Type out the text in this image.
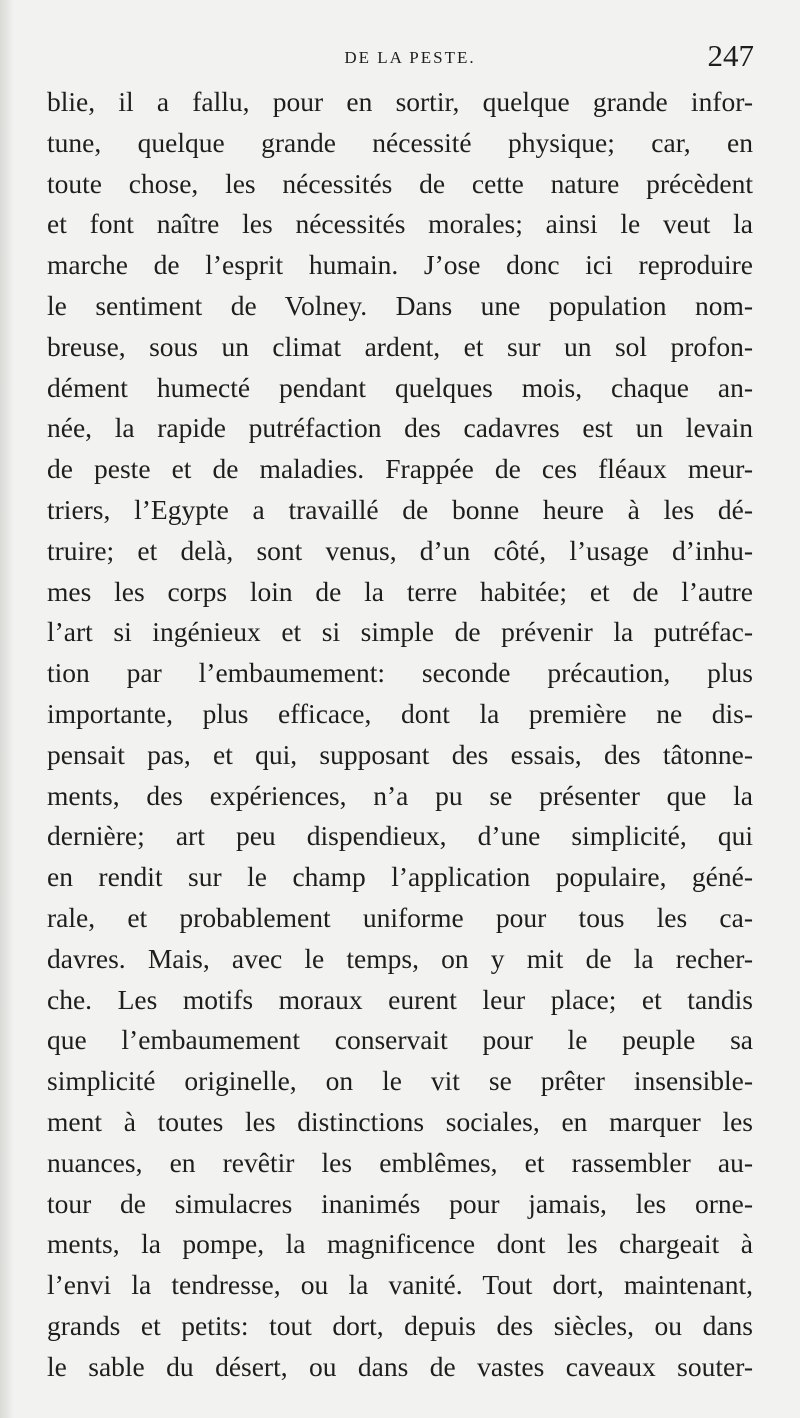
DE LA PESTE.	247
blie, il a fallu, pour en sortir, quelque grande infor-
tune, quelque grande nécessité physique; car, en
toute chose, les nécessités de cette nature précèdent
et font naître les nécessités morales; ainsi le veut la
marche de l’esprit humain. J’ose donc ici reproduire
le sentiment de Volney. Dans une population nom-
breuse, sous un climat ardent, et sur un sol profon-
dément humecté pendant quelques mois, chaque an-
née, la rapide putréfaction des cadavres est un levain
de peste et de maladies. Frappée de ces fléaux meur-
triers, l’Egypte a travaillé de bonne heure à les dé-
truire; et delà, sont venus, d’un côté, l’usage d’inhu-
mes les corps loin de la terre habitée; et de l’autre
l’art si ingénieux et si simple de prévenir la putréfac-
tion par l’embaumement: seconde précaution, plus
importante, plus efficace, dont la première ne dis-
pensait pas, et qui, supposant des essais, des tâtonne-
ments, des expériences, n’a pu se présenter que la
dernière; art peu dispendieux, d’une simplicité, qui
en rendit sur le champ l’application populaire, géné-
rale, et probablement uniforme pour tous les ca-
davres. Mais, avec le temps, on y mit de la recher-
che. Les motifs moraux eurent leur place; et tandis
que l’embaumement conservait pour le peuple sa
simplicité originelle, on le vit se prêter insensible-
ment à toutes les distinctions sociales, en marquer les
nuances, en revêtir les emblêmes, et rassembler au-
tour de simulacres inanimés pour jamais, les orne-
ments, la pompe, la magnificence dont les chargeait à
l’envi la tendresse, ou la vanité. Tout dort, maintenant,
grands et petits: tout dort, depuis des siècles, ou dans
le sable du désert, ou dans de vastes caveaux souter-
